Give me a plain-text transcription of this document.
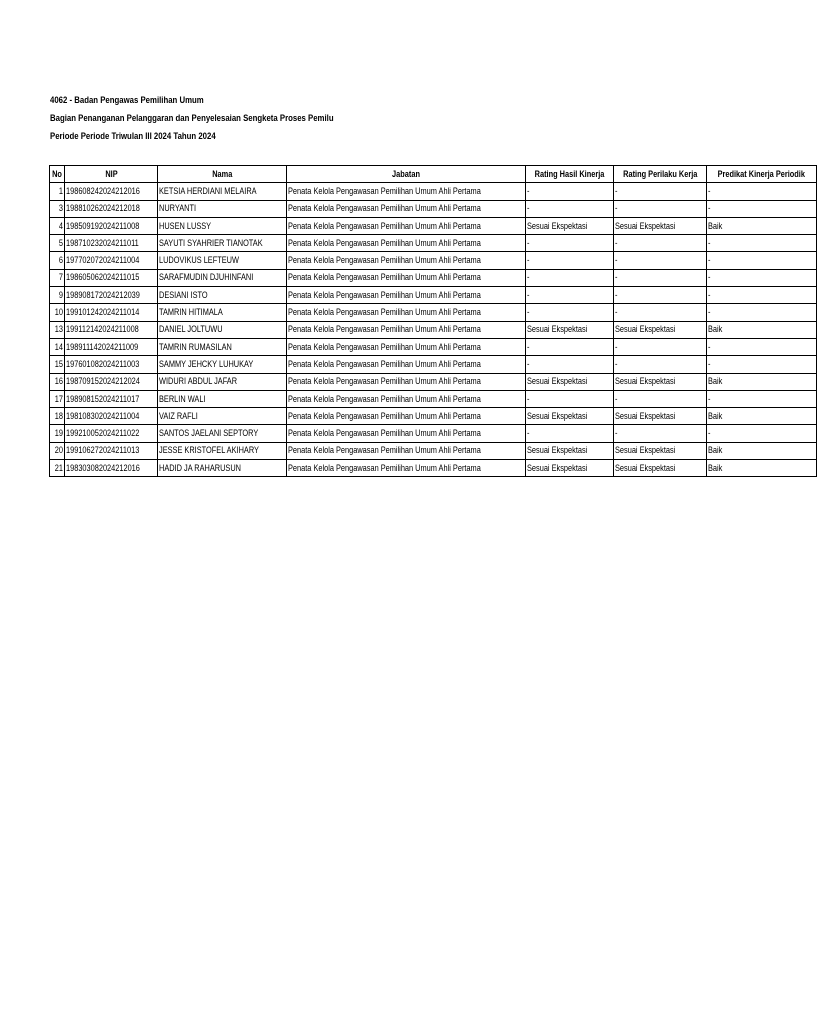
4062 - Badan Pengawas Pemilihan Umum
Bagian Penanganan Pelanggaran dan Penyelesaian Sengketa Proses Pemilu
Periode Periode Triwulan III 2024 Tahun 2024
No	NIP	Nama	Jabatan	Rating Hasil Kinerja	Rating Perilaku Kerja	Predikat Kinerja Periodik
1	198608242024212016	KETSIA HERDIANI MELAIRA	Penata Kelola Pengawasan Pemilihan Umum Ahli Pertama	-	-	-
3	198810262024212018	NURYANTI	Penata Kelola Pengawasan Pemilihan Umum Ahli Pertama	-	-	-
4	198509192024211008	HUSEN LUSSY	Penata Kelola Pengawasan Pemilihan Umum Ahli Pertama	Sesuai Ekspektasi	Sesuai Ekspektasi	Baik
5	198710232024211011	SAYUTI SYAHRIER TIANOTAK	Penata Kelola Pengawasan Pemilihan Umum Ahli Pertama	-	-	-
6	197702072024211004	LUDOVIKUS LEFTEUW	Penata Kelola Pengawasan Pemilihan Umum Ahli Pertama	-	-	-
7	198605062024211015	SARAFMUDIN DJUHINFANI	Penata Kelola Pengawasan Pemilihan Umum Ahli Pertama	-	-	-
9	198908172024212039	DESIANI ISTO	Penata Kelola Pengawasan Pemilihan Umum Ahli Pertama	-	-	-
10	199101242024211014	TAMRIN HITIMALA	Penata Kelola Pengawasan Pemilihan Umum Ahli Pertama	-	-	-
13	199112142024211008	DANIEL JOLTUWU	Penata Kelola Pengawasan Pemilihan Umum Ahli Pertama	Sesuai Ekspektasi	Sesuai Ekspektasi	Baik
14	198911142024211009	TAMRIN RUMASILAN	Penata Kelola Pengawasan Pemilihan Umum Ahli Pertama	-	-	-
15	197601082024211003	SAMMY JEHCKY LUHUKAY	Penata Kelola Pengawasan Pemilihan Umum Ahli Pertama	-	-	-
16	198709152024212024	WIDURI ABDUL JAFAR	Penata Kelola Pengawasan Pemilihan Umum Ahli Pertama	Sesuai Ekspektasi	Sesuai Ekspektasi	Baik
17	198908152024211017	BERLIN WALI	Penata Kelola Pengawasan Pemilihan Umum Ahli Pertama	-	-	-
18	198108302024211004	VAIZ RAFLI	Penata Kelola Pengawasan Pemilihan Umum Ahli Pertama	Sesuai Ekspektasi	Sesuai Ekspektasi	Baik
19	199210052024211022	SANTOS JAELANI SEPTORY	Penata Kelola Pengawasan Pemilihan Umum Ahli Pertama	-	-	-
20	199106272024211013	JESSE KRISTOFEL AKIHARY	Penata Kelola Pengawasan Pemilihan Umum Ahli Pertama	Sesuai Ekspektasi	Sesuai Ekspektasi	Baik
21	198303082024212016	HADID JA RAHARUSUN	Penata Kelola Pengawasan Pemilihan Umum Ahli Pertama	Sesuai Ekspektasi	Sesuai Ekspektasi	Baik
